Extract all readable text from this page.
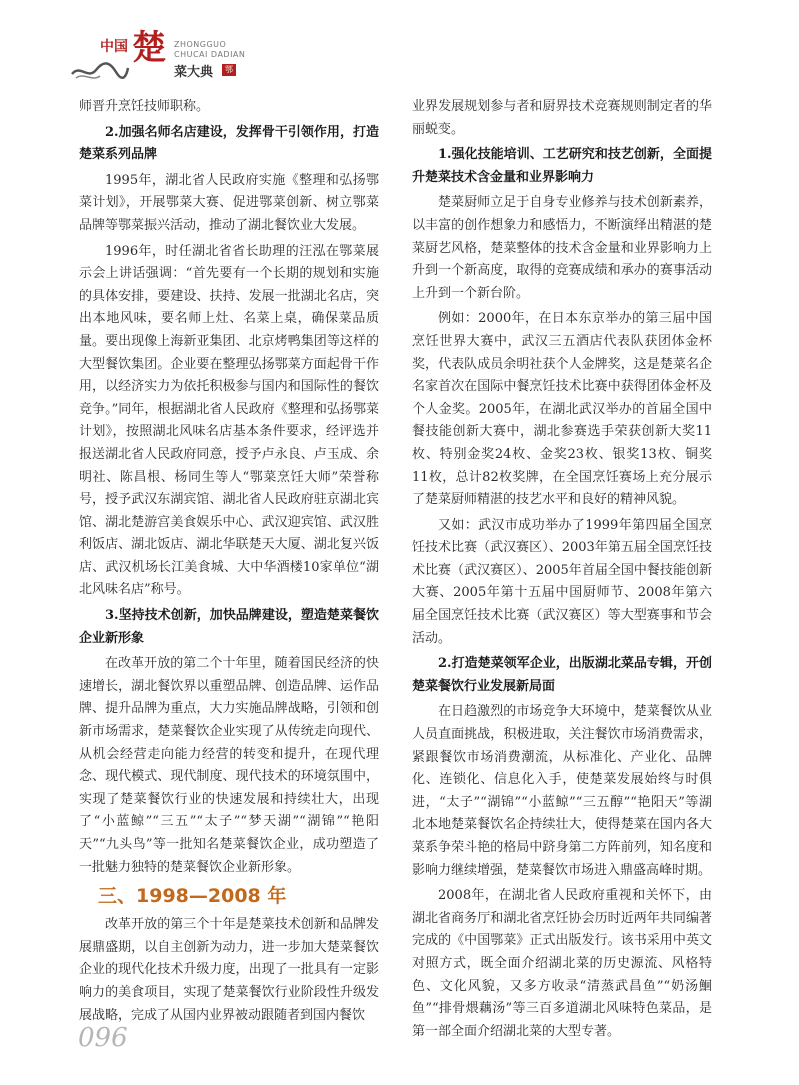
中国 楚 ZHONGGUO
CHUCAI DADIAN
菜大典	鄂

师晋升烹饪技师职称。

2.加强名师名店建设，发挥骨干引领作用，打造楚菜系列品牌

1995年，湖北省人民政府实施《整理和弘扬鄂菜计划》，开展鄂菜大赛、促进鄂菜创新、树立鄂菜品牌等鄂菜振兴活动，推动了湖北餐饮业大发展。

1996年，时任湖北省省长助理的汪泓在鄂菜展示会上讲话强调：“首先要有一个长期的规划和实施的具体安排，要建设、扶持、发展一批湖北名店，突出本地风味，要名师上灶、名菜上桌，确保菜品质量。要出现像上海新亚集团、北京烤鸭集团等这样的大型餐饮集团。企业要在整理弘扬鄂菜方面起骨干作用，以经济实力为依托积极参与国内和国际性的餐饮竞争。”同年，根据湖北省人民政府《整理和弘扬鄂菜计划》，按照湖北风味名店基本条件要求，经评选并报送湖北省人民政府同意，授予卢永良、卢玉成、余明社、陈昌根、杨同生等人“鄂菜烹饪大师”荣誉称号，授予武汉东湖宾馆、湖北省人民政府驻京湖北宾馆、湖北楚游宫美食娱乐中心、武汉迎宾馆、武汉胜利饭店、湖北饭店、湖北华联楚天大厦、湖北复兴饭店、武汉机场长江美食城、大中华酒楼10家单位“湖北风味名店”称号。

3.坚持技术创新，加快品牌建设，塑造楚菜餐饮企业新形象

在改革开放的第二个十年里，随着国民经济的快速增长，湖北餐饮界以重塑品牌、创造品牌、运作品牌、提升品牌为重点，大力实施品牌战略，引领和创新市场需求，楚菜餐饮企业实现了从传统走向现代、从机会经营走向能力经营的转变和提升，在现代理念、现代模式、现代制度、现代技术的环境氛围中，实现了楚菜餐饮行业的快速发展和持续壮大，出现了“小蓝鲸”“三五”“太子”“梦天湖”“湖锦”“艳阳天”“九头鸟”等一批知名楚菜餐饮企业，成功塑造了一批魅力独特的楚菜餐饮企业新形象。

三、1998—2008 年

改革开放的第三个十年是楚菜技术创新和品牌发展鼎盛期，以自主创新为动力，进一步加大楚菜餐饮企业的现代化技术升级力度，出现了一批具有一定影响力的美食项目，实现了楚菜餐饮行业阶段性升级发展战略，完成了从国内业界被动跟随者到国内餐饮

业界发展规划参与者和厨界技术竞赛规则制定者的华丽蜕变。

1.强化技能培训、工艺研究和技艺创新，全面提升楚菜技术含金量和业界影响力

楚菜厨师立足于自身专业修养与技术创新素养，以丰富的创作想象力和感悟力，不断演绎出精湛的楚菜厨艺风格，楚菜整体的技术含金量和业界影响力上升到一个新高度，取得的竞赛成绩和承办的赛事活动上升到一个新台阶。

例如：2000年，在日本东京举办的第三届中国烹饪世界大赛中，武汉三五酒店代表队获团体金杯奖，代表队成员余明社获个人金牌奖，这是楚菜名企名家首次在国际中餐烹饪技术比赛中获得团体金杯及个人金奖。2005年，在湖北武汉举办的首届全国中餐技能创新大赛中，湖北参赛选手荣获创新大奖11枚、特别金奖24枚、金奖23枚、银奖13枚、铜奖11枚，总计82枚奖牌，在全国烹饪赛场上充分展示了楚菜厨师精湛的技艺水平和良好的精神风貌。

又如：武汉市成功举办了1999年第四届全国烹饪技术比赛（武汉赛区）、2003年第五届全国烹饪技术比赛（武汉赛区）、2005年首届全国中餐技能创新大赛、2005年第十五届中国厨师节、2008年第六届全国烹饪技术比赛（武汉赛区）等大型赛事和节会活动。

2.打造楚菜领军企业，出版湖北菜品专辑，开创楚菜餐饮行业发展新局面

在日趋激烈的市场竞争大环境中，楚菜餐饮从业人员直面挑战，积极进取，关注餐饮市场消费需求，紧跟餐饮市场消费潮流，从标准化、产业化、品牌化、连锁化、信息化入手，使楚菜发展始终与时俱进，“太子”“湖锦”“小蓝鲸”“三五醇”“艳阳天”等湖北本地楚菜餐饮名企持续壮大，使得楚菜在国内各大菜系争荣斗艳的格局中跻身第二方阵前列，知名度和影响力继续增强，楚菜餐饮市场进入鼎盛高峰时期。

2008年，在湖北省人民政府重视和关怀下，由湖北省商务厅和湖北省烹饪协会历时近两年共同编著完成的《中国鄂菜》正式出版发行。该书采用中英文对照方式，既全面介绍湖北菜的历史源流、风格特色、文化风貌，又多方收录“清蒸武昌鱼”“奶汤鮰鱼”“排骨煨藕汤”等三百多道湖北风味特色菜品，是第一部全面介绍湖北菜的大型专著。

096
